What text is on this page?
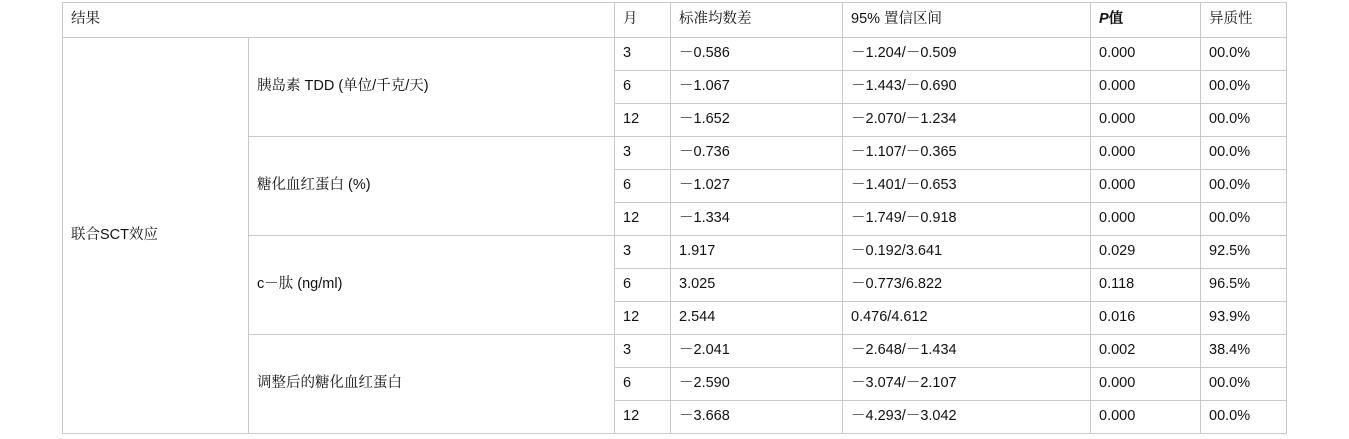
结果		月	标准均数差	95% 置信区间	P值	异质性
联合SCT效应	胰岛素 TDD (单位/千克/天)	3	－0.586	－1.204/－0.509	0.000	00.0%
		6	－1.067	－1.443/－0.690	0.000	00.0%
		12	－1.652	－2.070/－1.234	0.000	00.0%
	糖化血红蛋白 (%)	3	－0.736	－1.107/－0.365	0.000	00.0%
		6	－1.027	－1.401/－0.653	0.000	00.0%
		12	－1.334	－1.749/－0.918	0.000	00.0%
	c－肽 (ng/ml)	3	1.917	－0.192/3.641	0.029	92.5%
		6	3.025	－0.773/6.822	0.118	96.5%
		12	2.544	0.476/4.612	0.016	93.9%
	调整后的糖化血红蛋白	3	－2.041	－2.648/－1.434	0.002	38.4%
		6	－2.590	－3.074/－2.107	0.000	00.0%
		12	－3.668	－4.293/－3.042	0.000	00.0%
